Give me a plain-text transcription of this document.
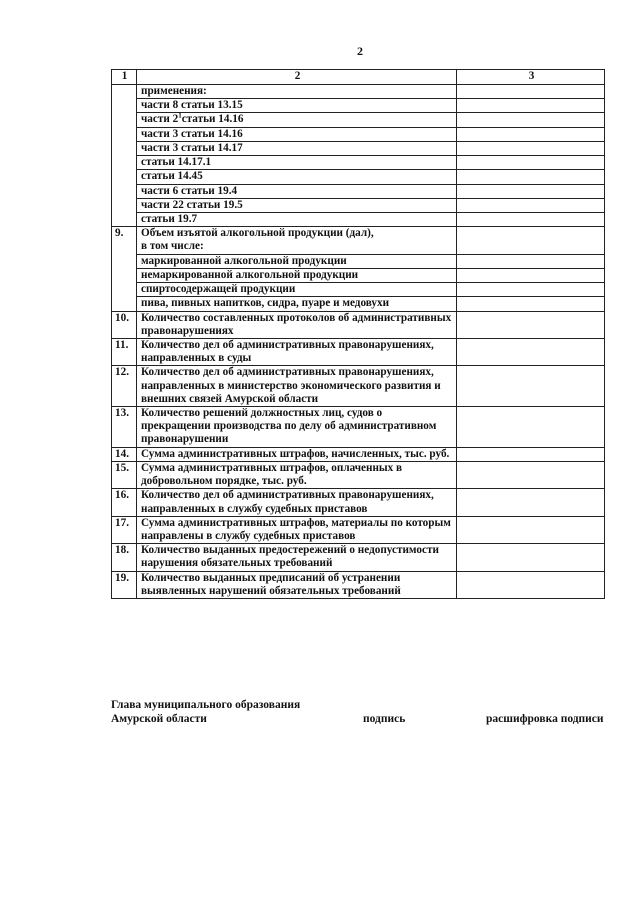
2
1	2	3
	применения:	
	части 8 статьи 13.15	
	части $2^1статьи$ 14.16	
	части 3 статьи 14.16	
	части 3 статьи 14.17	
	статьи 14.17.1	
	статьи 14.45	
	части 6 статьи 19.4	
	части 22 статьи 19.5	
	статьи 19.7	
9.	Объем изъятой алкогольной продукции (дал),
в том числе:	

	маркированной алкогольной продукции	
	немаркированной алкогольной продукции	
	спиртосодержащей продукции	
	пива, пивных напитков, сидра, пуаре и медовухи	
10.	Количество составленных протоколов об административных правонарушениях	
11.	Количество дел об административных правонарушениях, направленных в суды	
12.	Количество дел об административных правонарушениях, направленных в министерство экономического развития и внешних связей Амурской области	
13.	Количество решений должностных лиц, судов о прекращении производства по делу об административном правонарушении	
14.	Сумма административных штрафов, начисленных, тыс. руб.	
15.	Сумма административных штрафов, оплаченных в добровольном порядке, тыс. руб.	
16.	Количество дел об административных правонарушениях, направленных в службу судебных приставов	
17.	Сумма административных штрафов, материалы по которым направлены в службу судебных приставов	
18.	Количество выданных предостережений о недопустимости нарушения обязательных требований	
19.	Количество выданных предписаний об устранении выявленных нарушений обязательных требований	
Глава муниципального образования
Амурской области	подпись	расшифровка подписи
